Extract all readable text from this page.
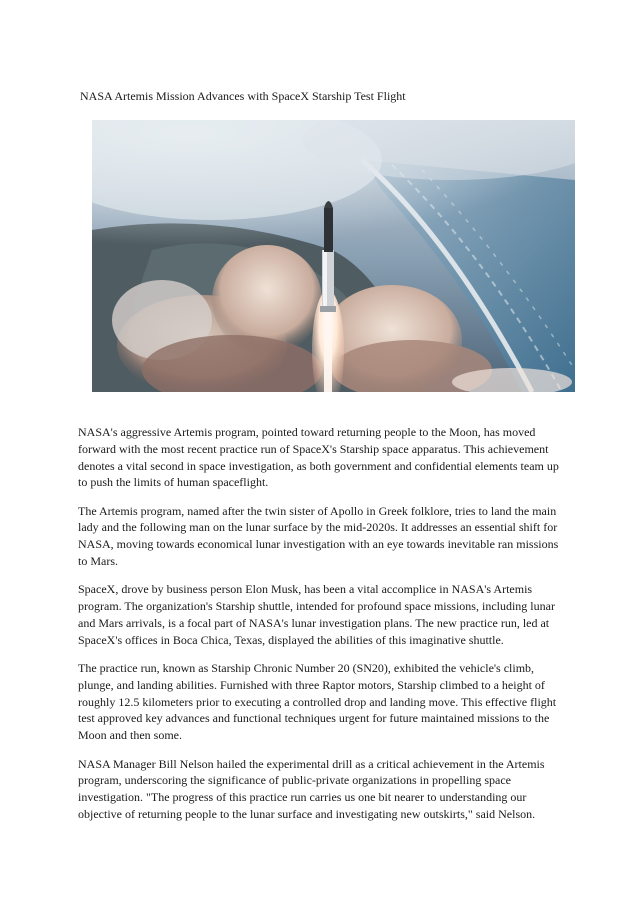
NASA Artemis Mission Advances with SpaceX Starship Test Flight

NASA's aggressive Artemis program, pointed toward returning people to the Moon, has moved forward with the most recent practice run of SpaceX's Starship space apparatus. This achievement denotes a vital second in space investigation, as both government and confidential elements team up to push the limits of human spaceflight.

The Artemis program, named after the twin sister of Apollo in Greek folklore, tries to land the main lady and the following man on the lunar surface by the mid-2020s. It addresses an essential shift for NASA, moving towards economical lunar investigation with an eye towards inevitable ran missions to Mars.

SpaceX, drove by business person Elon Musk, has been a vital accomplice in NASA's Artemis program. The organization's Starship shuttle, intended for profound space missions, including lunar and Mars arrivals, is a focal part of NASA's lunar investigation plans. The new practice run, led at SpaceX's offices in Boca Chica, Texas, displayed the abilities of this imaginative shuttle.

The practice run, known as Starship Chronic Number 20 (SN20), exhibited the vehicle's climb, plunge, and landing abilities. Furnished with three Raptor motors, Starship climbed to a height of roughly 12.5 kilometers prior to executing a controlled drop and landing move. This effective flight test approved key advances and functional techniques urgent for future maintained missions to the Moon and then some.

NASA Manager Bill Nelson hailed the experimental drill as a critical achievement in the Artemis program, underscoring the significance of public-private organizations in propelling space investigation. "The progress of this practice run carries us one bit nearer to understanding our objective of returning people to the lunar surface and investigating new outskirts," said Nelson.
